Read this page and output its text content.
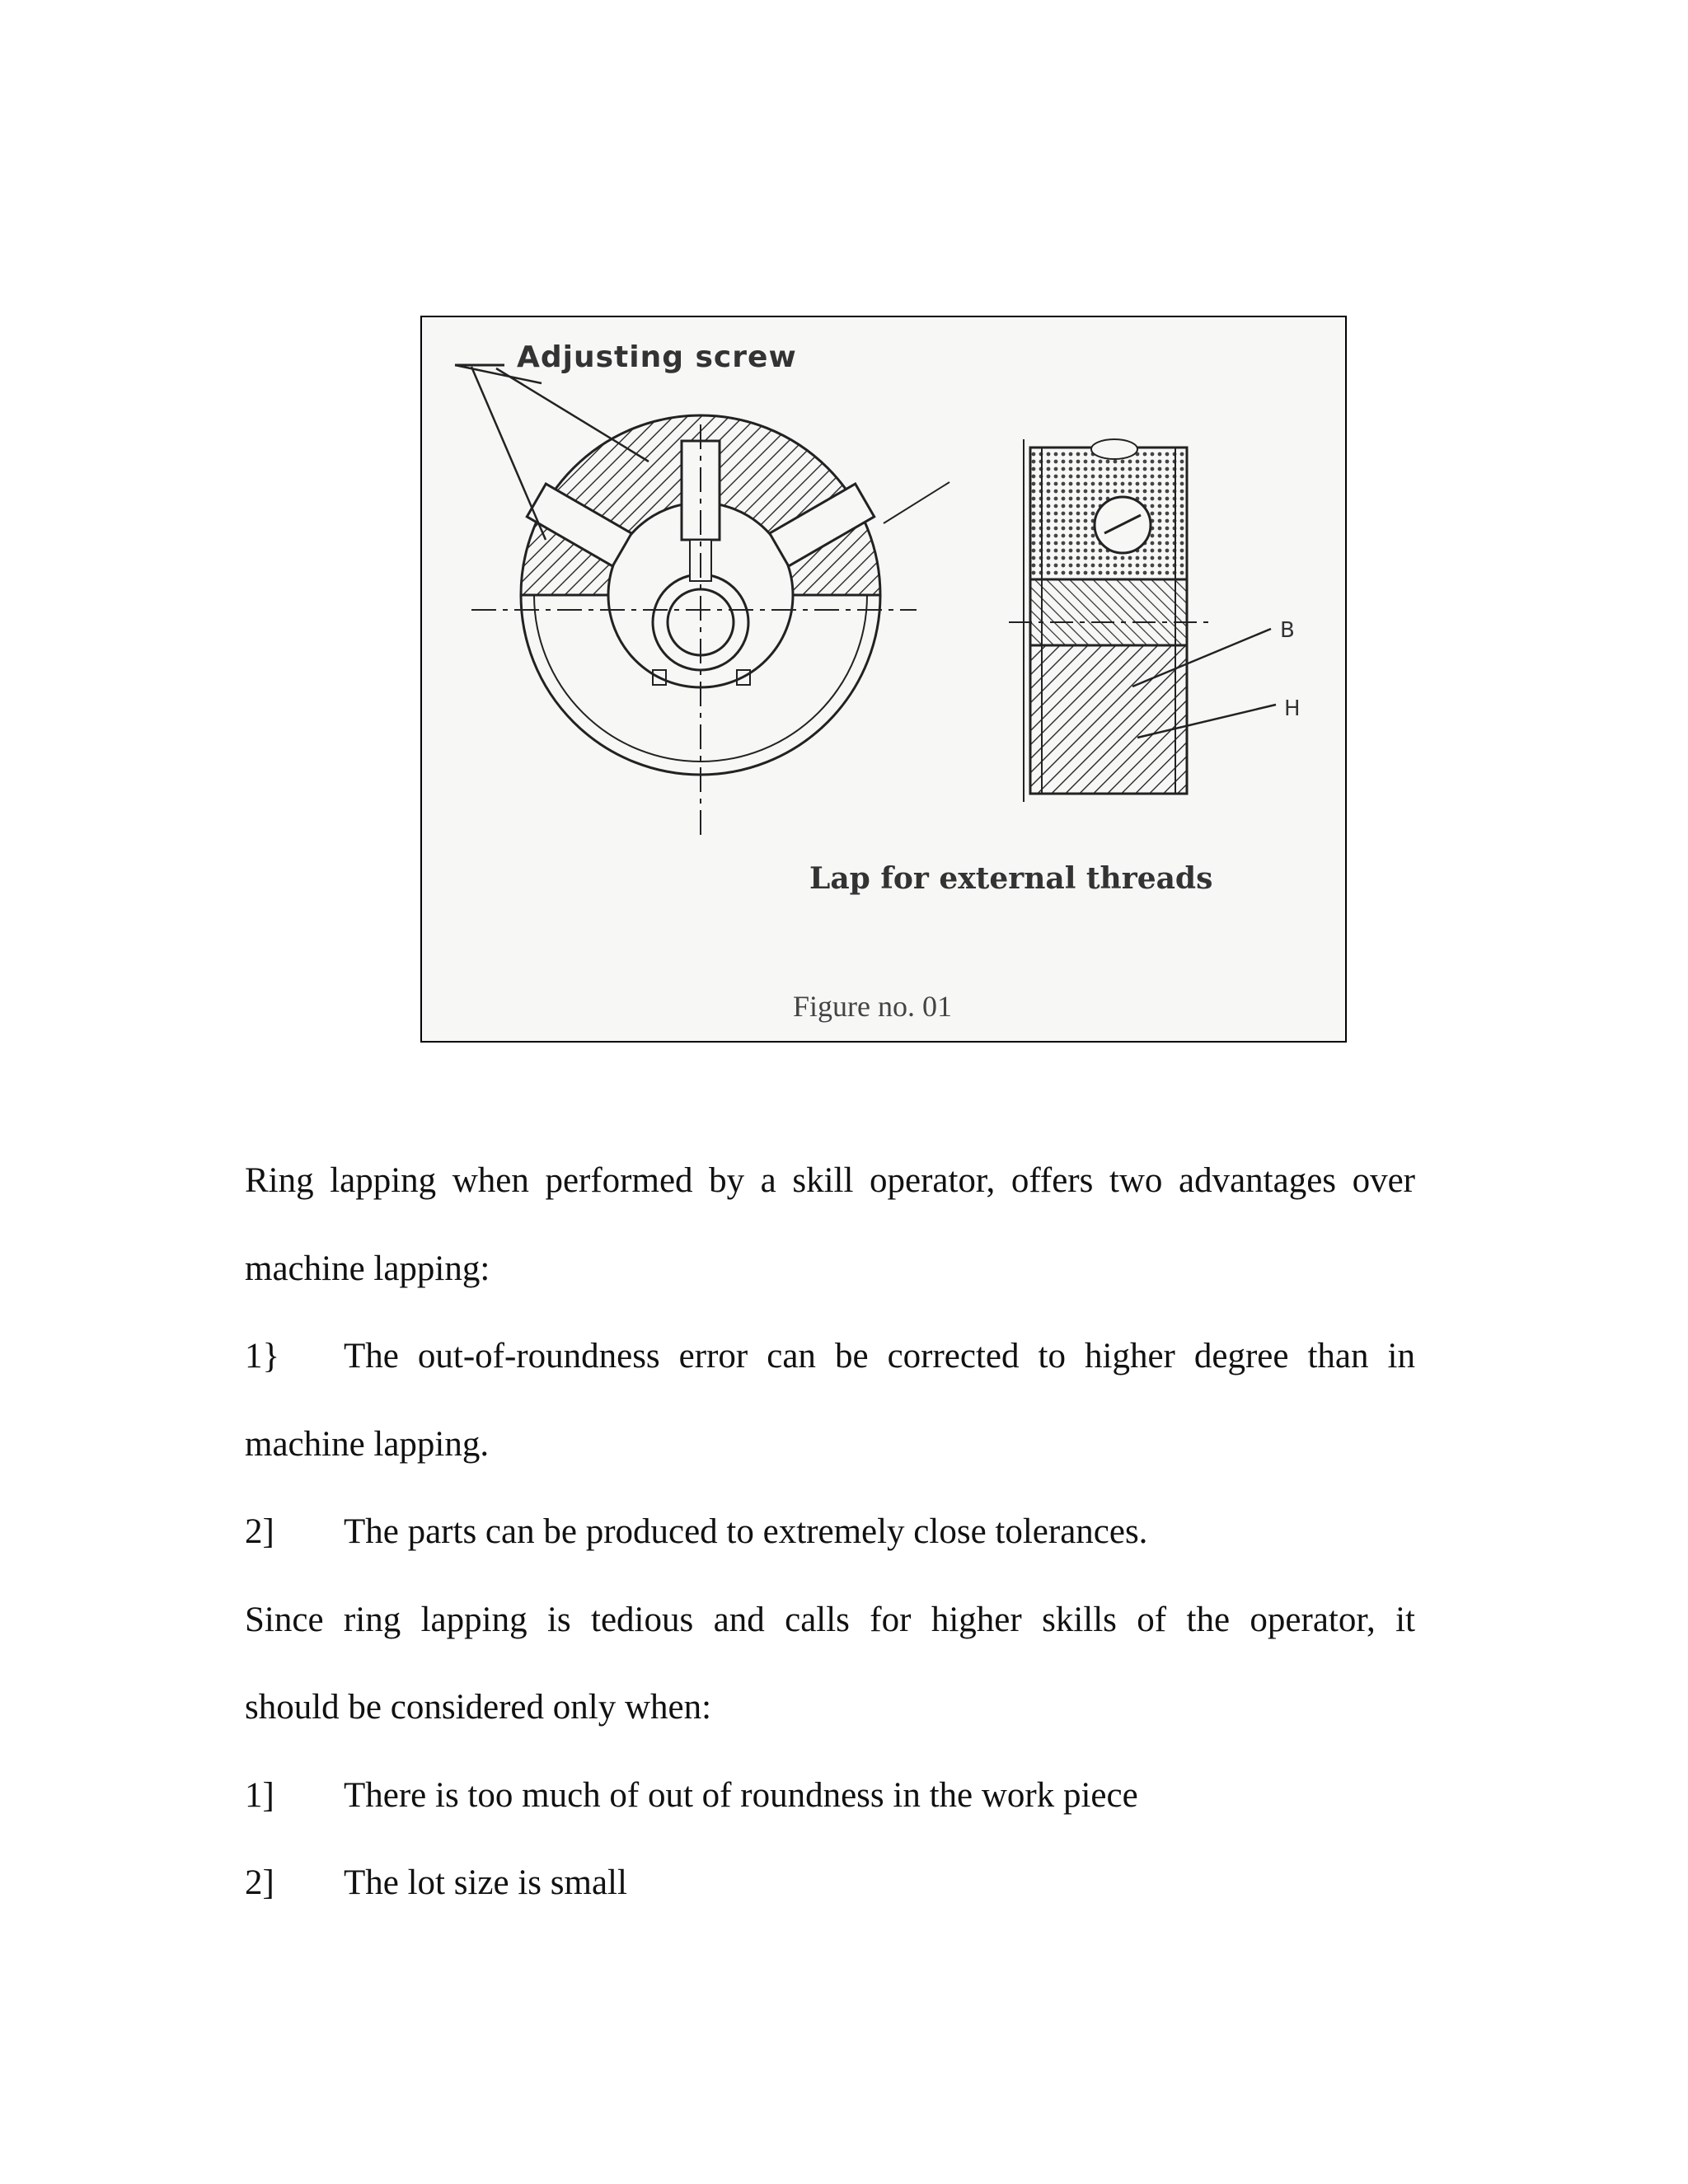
Adjusting screw
B
H
Lap for external threads
Figure no. 01
Ring lapping when performed by a skill operator, offers two advantages over
machine lapping:
1}	The out-of-roundness error can be corrected to higher degree than in
machine lapping.
2]	The parts can be produced to extremely close tolerances.
Since ring lapping is tedious and calls for higher skills of the operator, it
should be considered only when:
1]	There is too much of out of roundness in the work piece
2]	The lot size is small
